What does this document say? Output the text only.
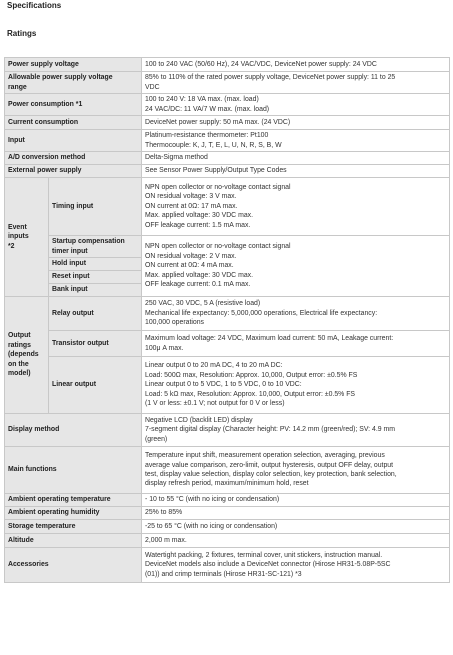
Specifications
Ratings
Power supply voltage		100 to 240 VAC (50/60 Hz), 24 VAC/VDC, DeviceNet power supply: 24 VDC

Allowable power supply voltage
range		85% to 110% of the rated power supply voltage, DeviceNet power supply: 11 to 25
VDC

Power consumption *1		100 to 240 V: 18 VA max. (max. load)
24 VAC/DC: 11 VA/7 W max. (max. load)

Current consumption		DeviceNet power supply: 50 mA max. (24 VDC)

Input		Platinum-resistance thermometer: Pt100
Thermocouple: K, J, T, E, L, U, N, R, S, B, W

A/D conversion method		Delta-Sigma method

External power supply		See Sensor Power Supply/Output Type Codes

Event
inputs
*2	Timing input	NPN open collector or no-voltage contact signal
ON residual voltage: 3 V max.
ON current at 0Ω: 17 mA max.
Max. applied voltage: 30 VDC max.
OFF leakage current: 1.5 mA max.

	Startup compensation
timer input	NPN open collector or no-voltage contact signal
ON residual voltage: 2 V max.
ON current at 0Ω: 4 mA max.
Max. applied voltage: 30 VDC max.
OFF leakage current: 0.1 mA max.

	Hold input	
	Reset input	
	Bank input	

Output
ratings
(depends
on the
model)	Relay output	250 VAC, 30 VDC, 5 A (resistive load)
Mechanical life expectancy: 5,000,000 operations, Electrical life expectancy:
100,000 operations

	Transistor output	Maximum load voltage: 24 VDC, Maximum load current: 50 mA, Leakage current:
100μ A max.

	Linear output	Linear output 0 to 20 mA DC, 4 to 20 mA DC:
Load: 500Ω max, Resolution: Approx. 10,000, Output error: ±0.5% FS
Linear output 0 to 5 VDC, 1 to 5 VDC, 0 to 10 VDC:
Load: 5 kΩ max, Resolution: Approx. 10,000, Output error: ±0.5% FS
(1 V or less: ±0.1 V; not output for 0 V or less)

Display method		Negative LCD (backlit LED) display
7-segment digital display (Character height: PV: 14.2 mm (green/red); SV: 4.9 mm
(green)

Main functions		Temperature input shift, measurement operation selection, averaging, previous
average value comparison, zero-limit, output hysteresis, output OFF delay, output
test, display value selection, display color selection, key protection, bank selection,
display refresh period, maximum/minimum hold, reset

Ambient operating temperature		- 10 to 55 °C (with no icing or condensation)

Ambient operating humidity		25% to 85%

Storage temperature		-25 to 65 °C (with no icing or condensation)

Altitude		2,000 m max.

Accessories		Watertight packing, 2 fixtures, terminal cover, unit stickers, instruction manual.
DeviceNet models also include a DeviceNet connector (Hirose HR31-5.08P-5SC
(01)) and crimp terminals (Hirose HR31-SC-121) *3
